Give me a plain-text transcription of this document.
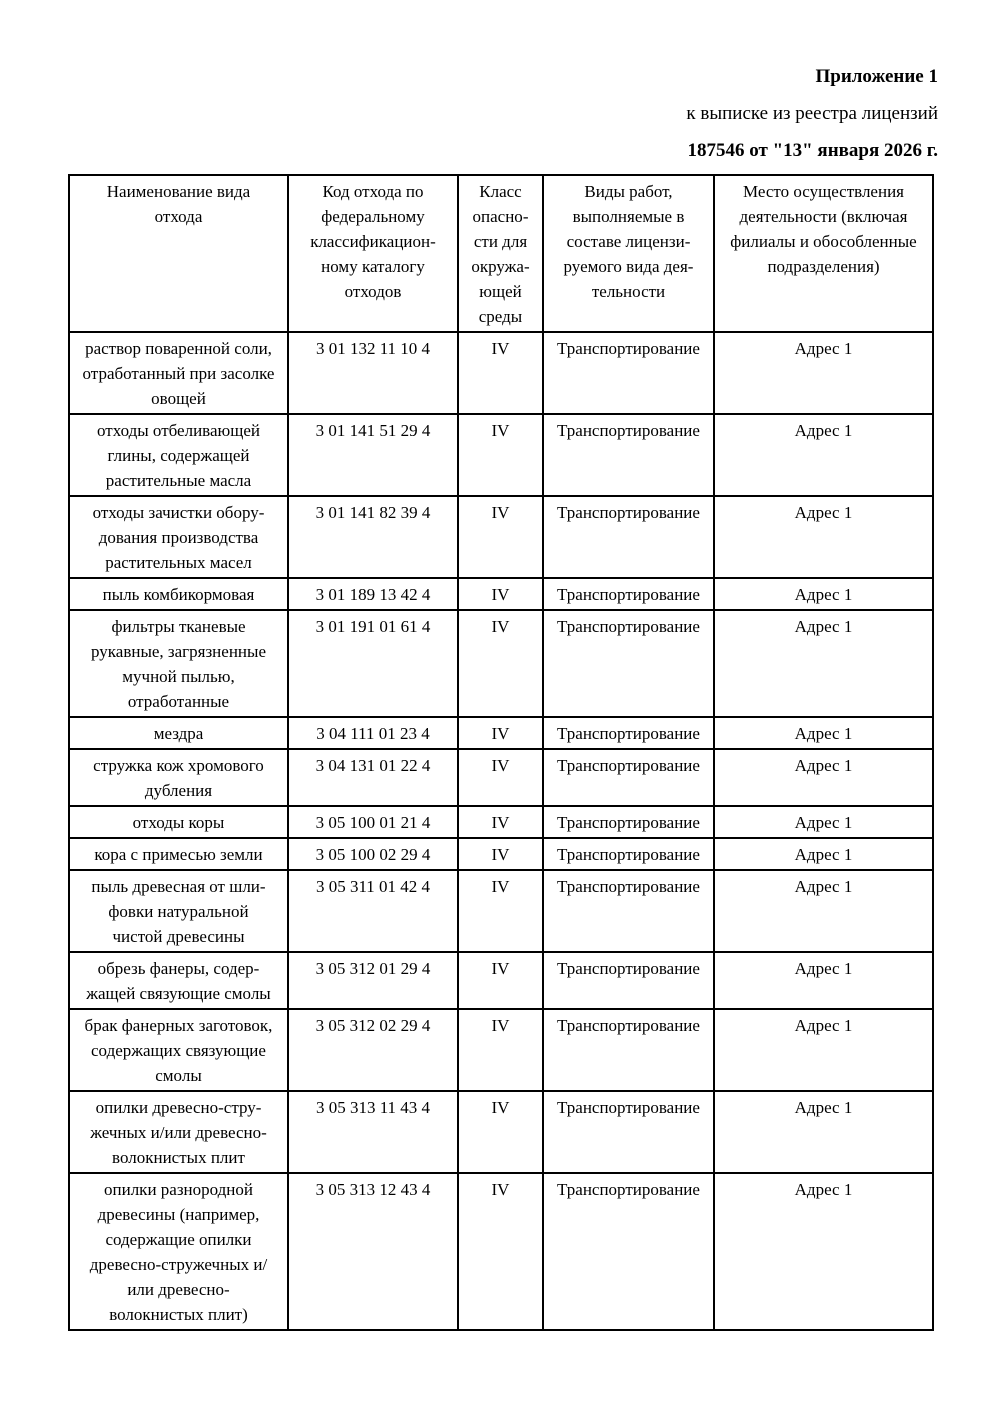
Приложение 1
к выписке из реестра лицензий
187546 от "13" января 2026 г.
Наименование вида отхода	Код отхода по федеральному классификационному каталогу отходов	Класс опасности для окружающей среды	Виды работ, выполняемые в составе лицензируемого вида деятельности	Место осуществления деятельности (включая филиалы и обособленные подразделения)
раствор поваренной соли, отработанный при засолке овощей	3 01 132 11 10 4	IV	Транспортирование	Адрес 1
отходы отбеливающей глины, содержащей растительные масла	3 01 141 51 29 4	IV	Транспортирование	Адрес 1
отходы зачистки оборудования производства растительных масел	3 01 141 82 39 4	IV	Транспортирование	Адрес 1
пыль комбикормовая	3 01 189 13 42 4	IV	Транспортирование	Адрес 1
фильтры тканевые рукавные, загрязненные мучной пылью, отработанные	3 01 191 01 61 4	IV	Транспортирование	Адрес 1
мездра	3 04 111 01 23 4	IV	Транспортирование	Адрес 1
стружка кож хромового дубления	3 04 131 01 22 4	IV	Транспортирование	Адрес 1
отходы коры	3 05 100 01 21 4	IV	Транспортирование	Адрес 1
кора с примесью земли	3 05 100 02 29 4	IV	Транспортирование	Адрес 1
пыль древесная от шлифовки натуральной чистой древесины	3 05 311 01 42 4	IV	Транспортирование	Адрес 1
обрезь фанеры, содержащей связующие смолы	3 05 312 01 29 4	IV	Транспортирование	Адрес 1
брак фанерных заготовок, содержащих связующие смолы	3 05 312 02 29 4	IV	Транспортирование	Адрес 1
опилки древесно-стружечных и/или древесно-волокнистых плит	3 05 313 11 43 4	IV	Транспортирование	Адрес 1
опилки разнородной древесины (например, содержащие опилки древесно-стружечных и/или древесно-волокнистых плит)	3 05 313 12 43 4	IV	Транспортирование	Адрес 1
